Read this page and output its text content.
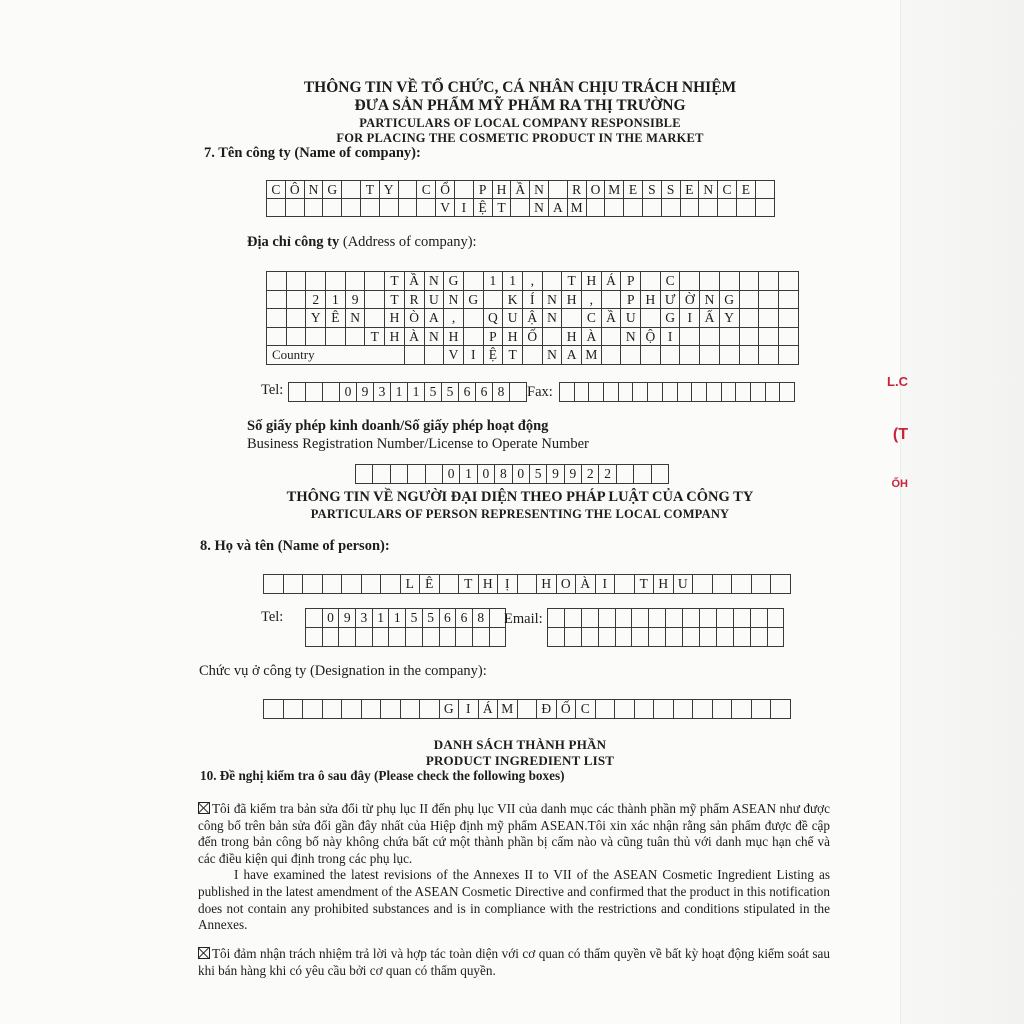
L.C
(T
ỐH

THÔNG TIN VỀ TỔ CHỨC, CÁ NHÂN CHỊU TRÁCH NHIỆM

ĐƯA SẢN PHẨM MỸ PHẨM RA THỊ TRƯỜNG

PARTICULARS OF LOCAL COMPANY RESPONSIBLE

FOR PLACING THE COSMETIC PRODUCT IN THE MARKET

7. Tên công ty (Name of company):
C	Ô	N	G		T	Y		C	Ổ		P	H	Ầ	N		R	O	M	E	S	S	E	N	C	E	
									V	I	Ệ	T		N	A	M										
Địa chỉ công ty (Address of company):
						T	Ầ	N	G		1	1	,		T	H	Á	P		C						
		2	1	9		T	R	U	N	G		K	Í	N	H	,		P	H	Ư	Ờ	N	G			
		Y	Ê	N		H	Ò	A	,		Q	U	Ậ	N		C	Ầ	U		G	I	Ấ	Y			
					T	H	À	N	H		P	H	Ố		H	À		N	Ộ	I						
Country									V	I	Ệ	T		N	A	M										
Tel:
				0	9	3	1	1	5	5	6	6	8	Fax:

Số giấy phép kinh doanh/Số giấy phép hoạt động
Business Registration Number/License to Operate Number
					0	1	0	8	0	5	9	9	2	2			

THÔNG TIN VỀ NGƯỜI ĐẠI DIỆN THEO PHÁP LUẬT CỦA CÔNG TY

PARTICULARS OF PERSON REPRESENTING THE LOCAL COMPANY

8. Họ và tên (Name of person):
							L	Ê		T	H	Ị		H	O	À	I		T	H	U					
Tel:
		0	9	3	1	1	5	5	6	6	8	
											Email:

Chức vụ ở công ty (Designation in the company):
									G	I	Á	M		Đ	Ố	C										

DANH SÁCH THÀNH PHẦN

PRODUCT INGREDIENT LIST

10. Đề nghị kiểm tra ô sau đây (Please check the following boxes)
Tôi đã kiểm tra bản sửa đổi từ phụ lục II đến phụ lục VII của danh mục các thành phần mỹ phẩm ASEAN như được công bố trên bản sửa đổi gần đây nhất của Hiệp định mỹ phẩm ASEAN.Tôi xin xác nhận rằng sản phẩm được đề cập đến trong bản công bố này không chứa bất cứ một thành phần bị cấm nào và cũng tuân thủ với danh mục hạn chế và các điều kiện qui định trong các phụ lục.
I have examined the latest revisions of the Annexes II to VII of the ASEAN Cosmetic Ingredient Listing as published in the latest amendment of the ASEAN Cosmetic Directive and confirmed that the product in this notification does not contain any prohibited substances and is in compliance with the restrictions and conditions stipulated in the Annexes.
Tôi đảm nhận trách nhiệm trả lời và hợp tác toàn diện với cơ quan có thẩm quyền về bất kỳ hoạt động kiểm soát sau khi bán hàng khi có yêu cầu bởi cơ quan có thẩm quyền.
